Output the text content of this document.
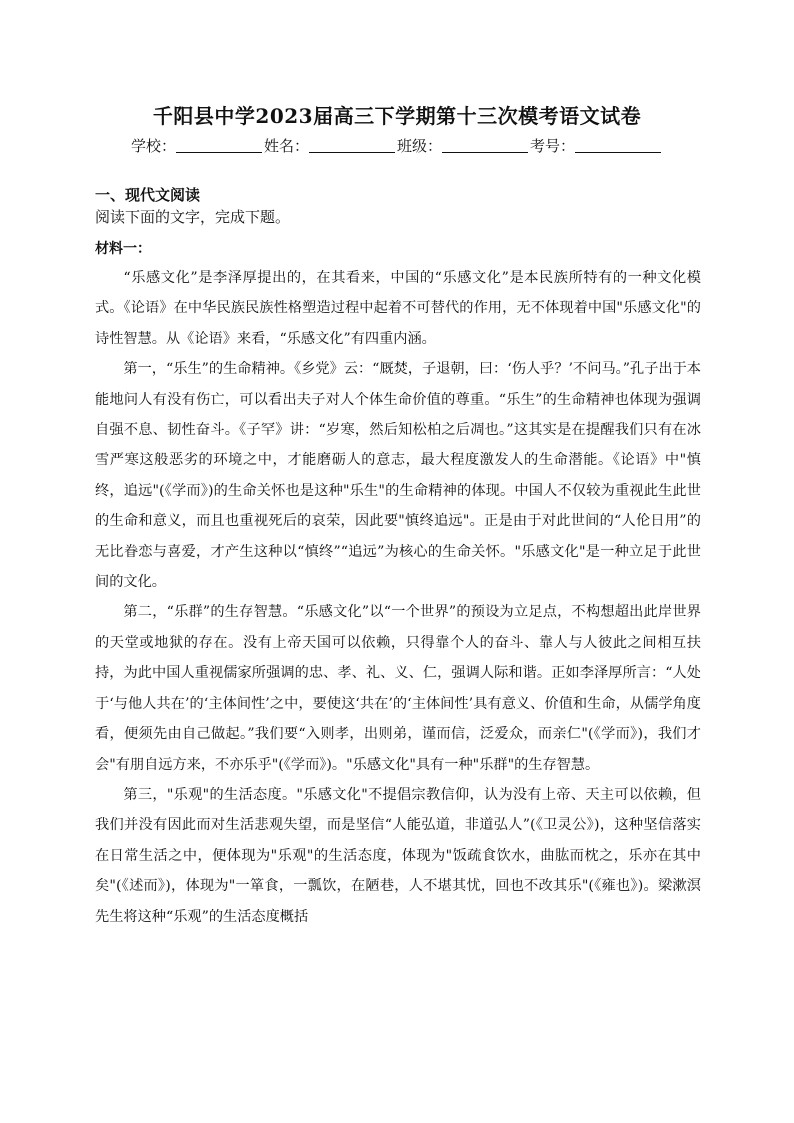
千阳县中学2023届高三下学期第十三次模考语文试卷
学校：	姓名：	班级：	考号：
一、现代文阅读
阅读下面的文字，完成下题。
材料一：

“乐感文化”是李泽厚提出的，在其看来，中国的“乐感文化”是本民族所特有的一种文化模式。《论语》在中华民族民族性格塑造过程中起着不可替代的作用，无不体现着中国"乐感文化"的诗性智慧。从《论语》来看，“乐感文化”有四重内涵。

第一，“乐生”的生命精神。《乡党》云：“厩焚，子退朝，曰：‘伤人乎？’不问马。”孔子出于本能地问人有没有伤亡，可以看出夫子对人个体生命价值的尊重。“乐生”的生命精神也体现为强调自强不息、韧性奋斗。《子罕》讲：“岁寒，然后知松柏之后凋也。”这其实是在提醒我们只有在冰雪严寒这般恶劣的环境之中，才能磨砺人的意志，最大程度激发人的生命潜能。《论语》中"慎终，追远"(《学而》)的生命关怀也是这种"乐生"的生命精神的体现。中国人不仅较为重视此生此世的生命和意义，而且也重视死后的哀荣，因此要"慎终追远"。正是由于对此世间的“人伦日用”的无比眷恋与喜爱，才产生这种以“慎终”“追远”为核心的生命关怀。"乐感文化"是一种立足于此世间的文化。

第二，“乐群”的生存智慧。“乐感文化”以“一个世界”的预设为立足点，不构想超出此岸世界的天堂或地狱的存在。没有上帝天国可以依赖，只得靠个人的奋斗、靠人与人彼此之间相互扶持，为此中国人重视儒家所强调的忠、孝、礼、义、仁，强调人际和谐。正如李泽厚所言：“人处于‘与他人共在’的‘主体间性’之中，要使这‘共在’的‘主体间性’具有意义、价值和生命，从儒学角度看，便须先由自己做起。”我们要“入则孝，出则弟，谨而信，泛爱众，而亲仁"(《学而》)，我们才会"有朋自远方来，不亦乐乎"(《学而》)。"乐感文化"具有一种"乐群"的生存智慧。

第三，"乐观"的生活态度。"乐感文化"不提倡宗教信仰，认为没有上帝、天主可以依赖，但我们并没有因此而对生活悲观失望，而是坚信“人能弘道，非道弘人”(《卫灵公》)，这种坚信落实在日常生活之中，便体现为"乐观"的生活态度，体现为"饭疏食饮水，曲肱而枕之，乐亦在其中矣"(《述而》)，体现为"一箪食，一瓢饮，在陋巷，人不堪其忧，回也不改其乐"(《雍也》)。梁漱溟先生将这种“乐观”的生活态度概括
